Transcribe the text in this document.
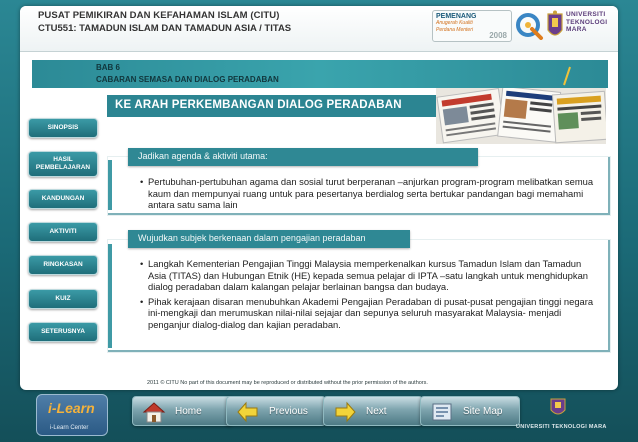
PUSAT PEMIKIRAN DAN KEFAHAMAN ISLAM (CITU)
CTU551: TAMADUN ISLAM DAN TAMADUN ASIA / TITAS
PEMENANG
Anugerah Kualiti
Perdana Menteri
2008
UNIVERSITI
TEKNOLOGI
MARA
BAB 6
CABARAN SEMASA DAN DIALOG PERADABAN
SINOPSIS
HASIL PEMBELAJARAN
KANDUNGAN
AKTIVITI
RINGKASAN
KUIZ
SETERUSNYA
KE ARAH PERKEMBANGAN DIALOG PERADABAN
Jadikan agenda & aktiviti utama:
• Pertubuhan-pertubuhan agama dan sosial turut berperanan –anjurkan program-program melibatkan semua kaum dan mempunyai ruang untuk para pesertanya berdialog serta bertukar pandangan bagi memahami antara satu sama lain
Wujudkan subjek berkenaan dalam pengajian peradaban
• Langkah Kementerian Pengajian Tinggi Malaysia memperkenalkan kursus Tamadun Islam dan Tamadun Asia (TITAS) dan Hubungan Etnik (HE) kepada semua pelajar di IPTA –satu langkah untuk menghidupkan dialog peradaban dalam kalangan pelajar berlainan bangsa dan budaya.
• Pihak kerajaan disaran menubuhkan Akademi Pengajian Peradaban di pusat-pusat pengajian tinggi negara ini-mengkaji dan merumuskan nilai-nilai sejajar dan sepunya seluruh masyarakat Malaysia- menjadi penganjur dialog-dialog dan kajian peradaban.
2011 © CITU No part of this document may be reproduced or distributed without the prior permission of the authors.
i-Learn
i-Learn Center
Home	Previous	Next	Site Map
UNIVERSITI TEKNOLOGI MARA
